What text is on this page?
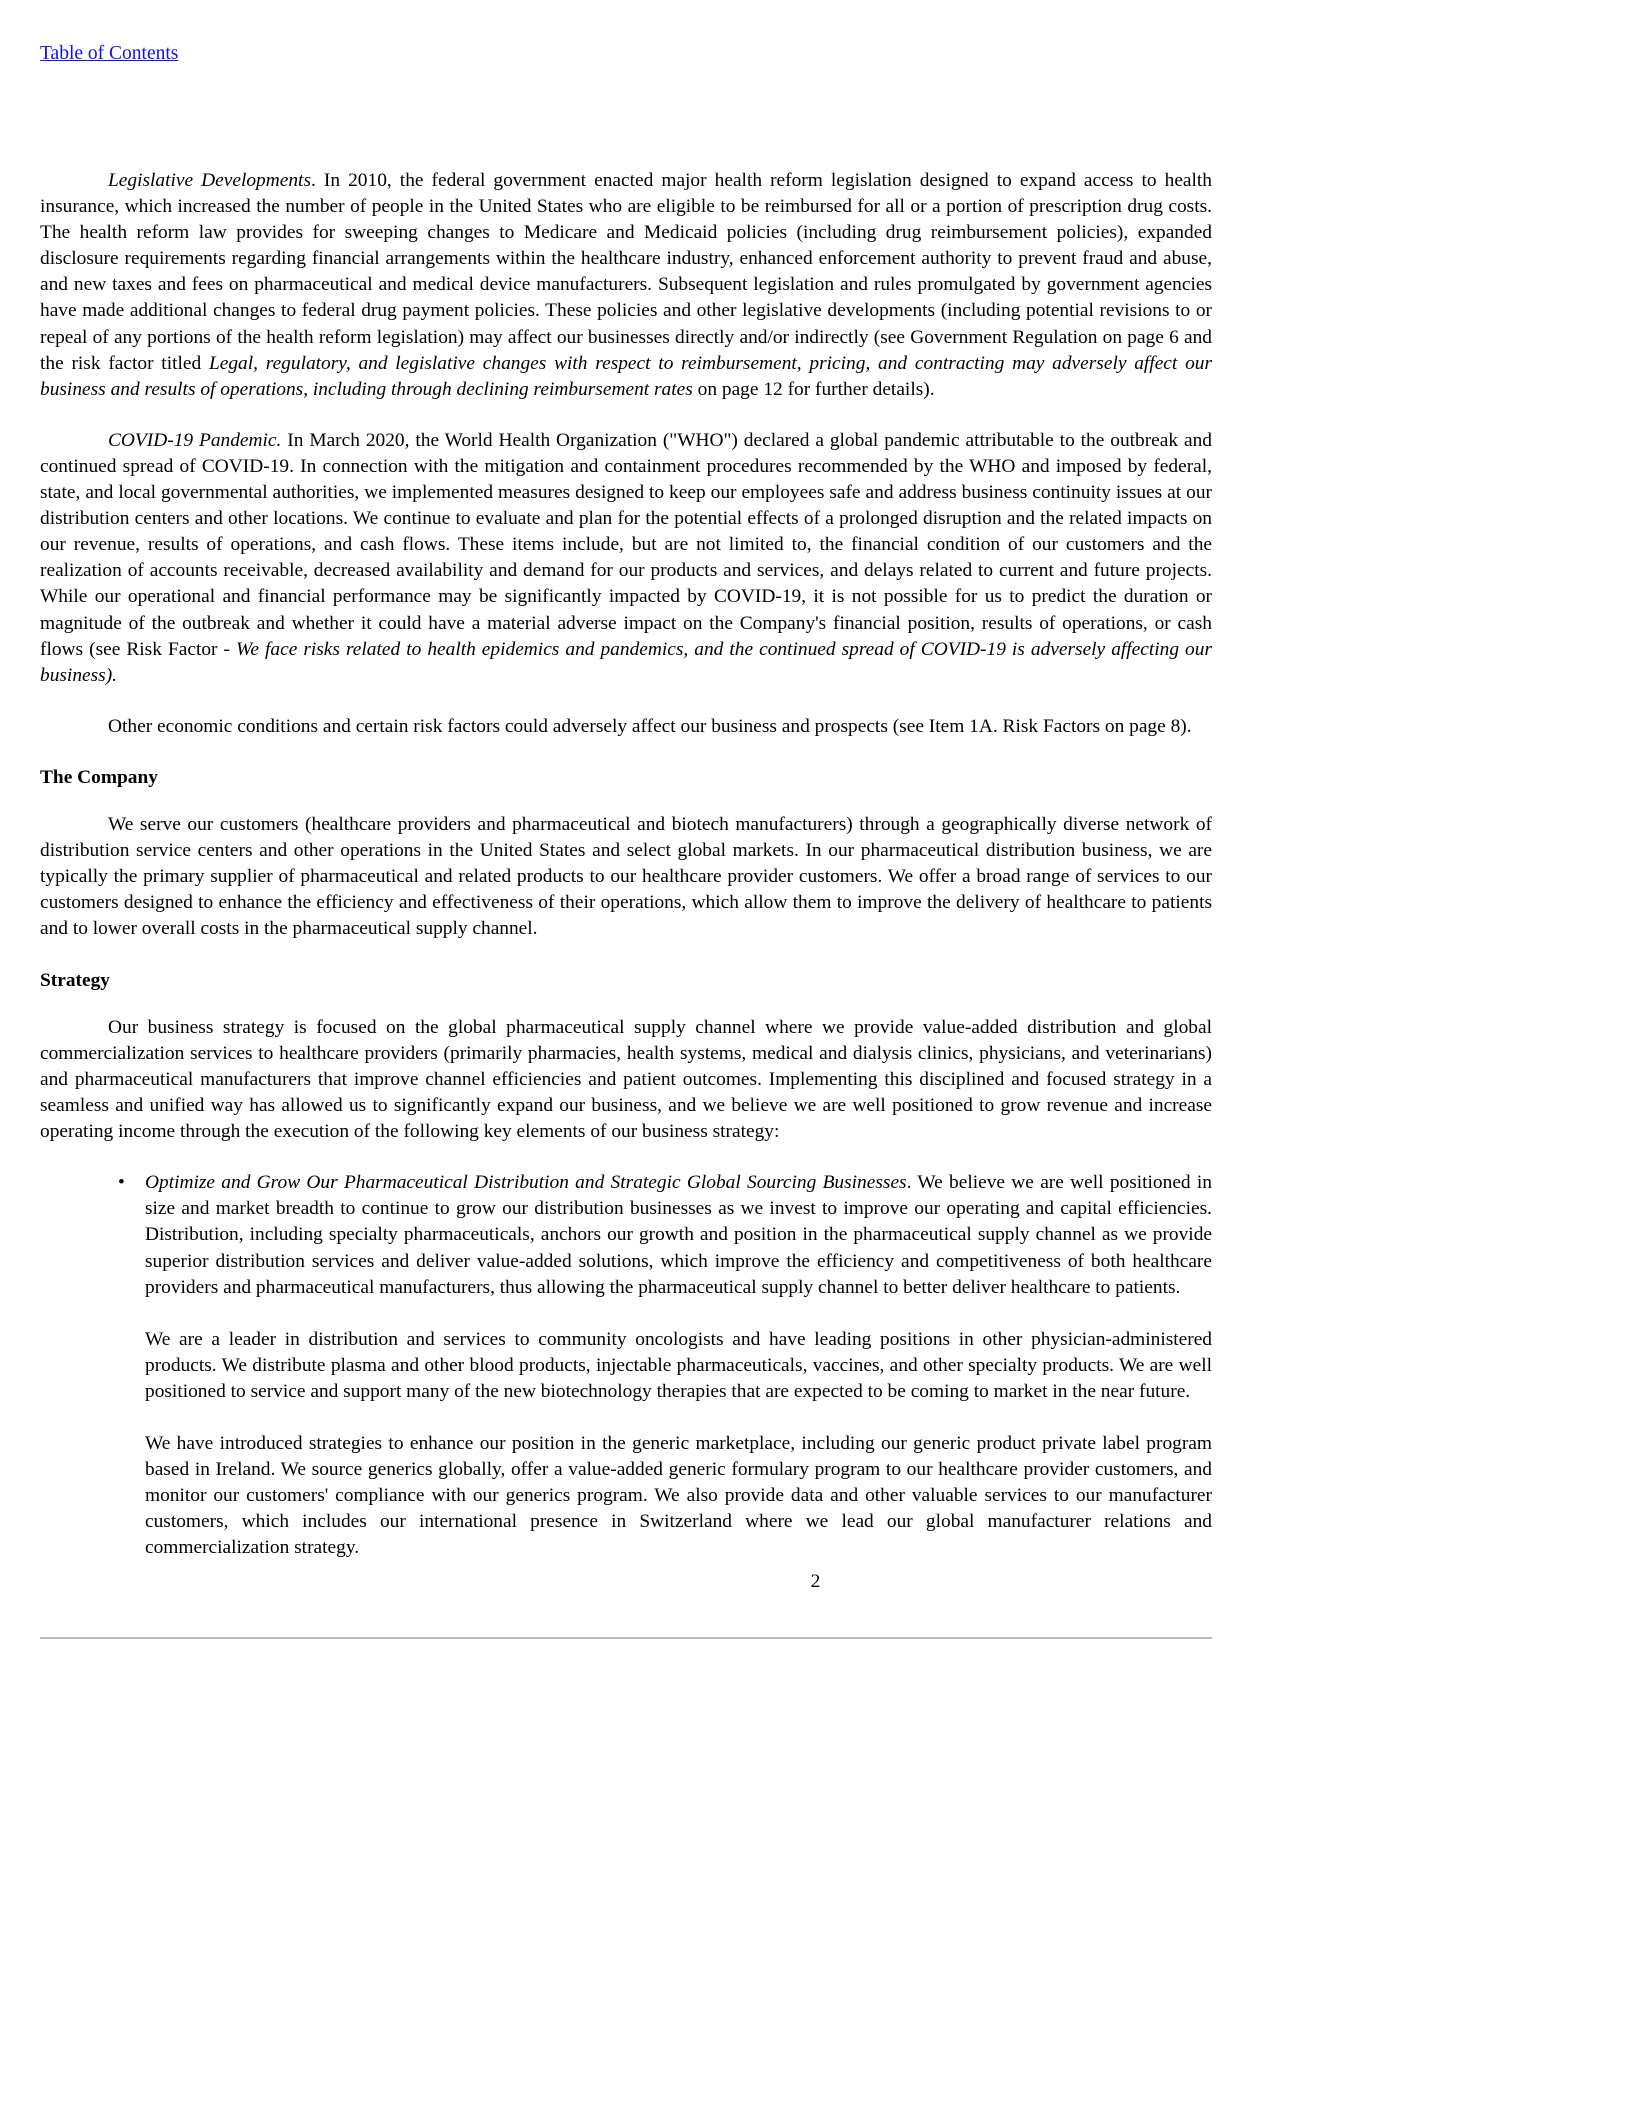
Table of Contents

Legislative Developments. In 2010, the federal government enacted major health reform legislation designed to expand access to health insurance, which increased the number of people in the United States who are eligible to be reimbursed for all or a portion of prescription drug costs. The health reform law provides for sweeping changes to Medicare and Medicaid policies (including drug reimbursement policies), expanded disclosure requirements regarding financial arrangements within the healthcare industry, enhanced enforcement authority to prevent fraud and abuse, and new taxes and fees on pharmaceutical and medical device manufacturers. Subsequent legislation and rules promulgated by government agencies have made additional changes to federal drug payment policies. These policies and other legislative developments (including potential revisions to or repeal of any portions of the health reform legislation) may affect our businesses directly and/or indirectly (see Government Regulation on page 6 and the risk factor titled Legal, regulatory, and legislative changes with respect to reimbursement, pricing, and contracting may adversely affect our business and results of operations, including through declining reimbursement rates on page 12 for further details).

COVID-19 Pandemic. In March 2020, the World Health Organization ("WHO") declared a global pandemic attributable to the outbreak and continued spread of COVID-19. In connection with the mitigation and containment procedures recommended by the WHO and imposed by federal, state, and local governmental authorities, we implemented measures designed to keep our employees safe and address business continuity issues at our distribution centers and other locations. We continue to evaluate and plan for the potential effects of a prolonged disruption and the related impacts on our revenue, results of operations, and cash flows. These items include, but are not limited to, the financial condition of our customers and the realization of accounts receivable, decreased availability and demand for our products and services, and delays related to current and future projects. While our operational and financial performance may be significantly impacted by COVID-19, it is not possible for us to predict the duration or magnitude of the outbreak and whether it could have a material adverse impact on the Company's financial position, results of operations, or cash flows (see Risk Factor - We face risks related to health epidemics and pandemics, and the continued spread of COVID-19 is adversely affecting our business).

Other economic conditions and certain risk factors could adversely affect our business and prospects (see Item 1A. Risk Factors on page 8).

The Company

We serve our customers (healthcare providers and pharmaceutical and biotech manufacturers) through a geographically diverse network of distribution service centers and other operations in the United States and select global markets. In our pharmaceutical distribution business, we are typically the primary supplier of pharmaceutical and related products to our healthcare provider customers. We offer a broad range of services to our customers designed to enhance the efficiency and effectiveness of their operations, which allow them to improve the delivery of healthcare to patients and to lower overall costs in the pharmaceutical supply channel.

Strategy

Our business strategy is focused on the global pharmaceutical supply channel where we provide value-added distribution and global commercialization services to healthcare providers (primarily pharmacies, health systems, medical and dialysis clinics, physicians, and veterinarians) and pharmaceutical manufacturers that improve channel efficiencies and patient outcomes. Implementing this disciplined and focused strategy in a seamless and unified way has allowed us to significantly expand our business, and we believe we are well positioned to grow revenue and increase operating income through the execution of the following key elements of our business strategy:

• Optimize and Grow Our Pharmaceutical Distribution and Strategic Global Sourcing Businesses. We believe we are well positioned in size and market breadth to continue to grow our distribution businesses as we invest to improve our operating and capital efficiencies. Distribution, including specialty pharmaceuticals, anchors our growth and position in the pharmaceutical supply channel as we provide superior distribution services and deliver value-added solutions, which improve the efficiency and competitiveness of both healthcare providers and pharmaceutical manufacturers, thus allowing the pharmaceutical supply channel to better deliver healthcare to patients.

We are a leader in distribution and services to community oncologists and have leading positions in other physician-administered products. We distribute plasma and other blood products, injectable pharmaceuticals, vaccines, and other specialty products. We are well positioned to service and support many of the new biotechnology therapies that are expected to be coming to market in the near future.

We have introduced strategies to enhance our position in the generic marketplace, including our generic product private label program based in Ireland. We source generics globally, offer a value-added generic formulary program to our healthcare provider customers, and monitor our customers' compliance with our generics program. We also provide data and other valuable services to our manufacturer customers, which includes our international presence in Switzerland where we lead our global manufacturer relations and commercialization strategy.

2
